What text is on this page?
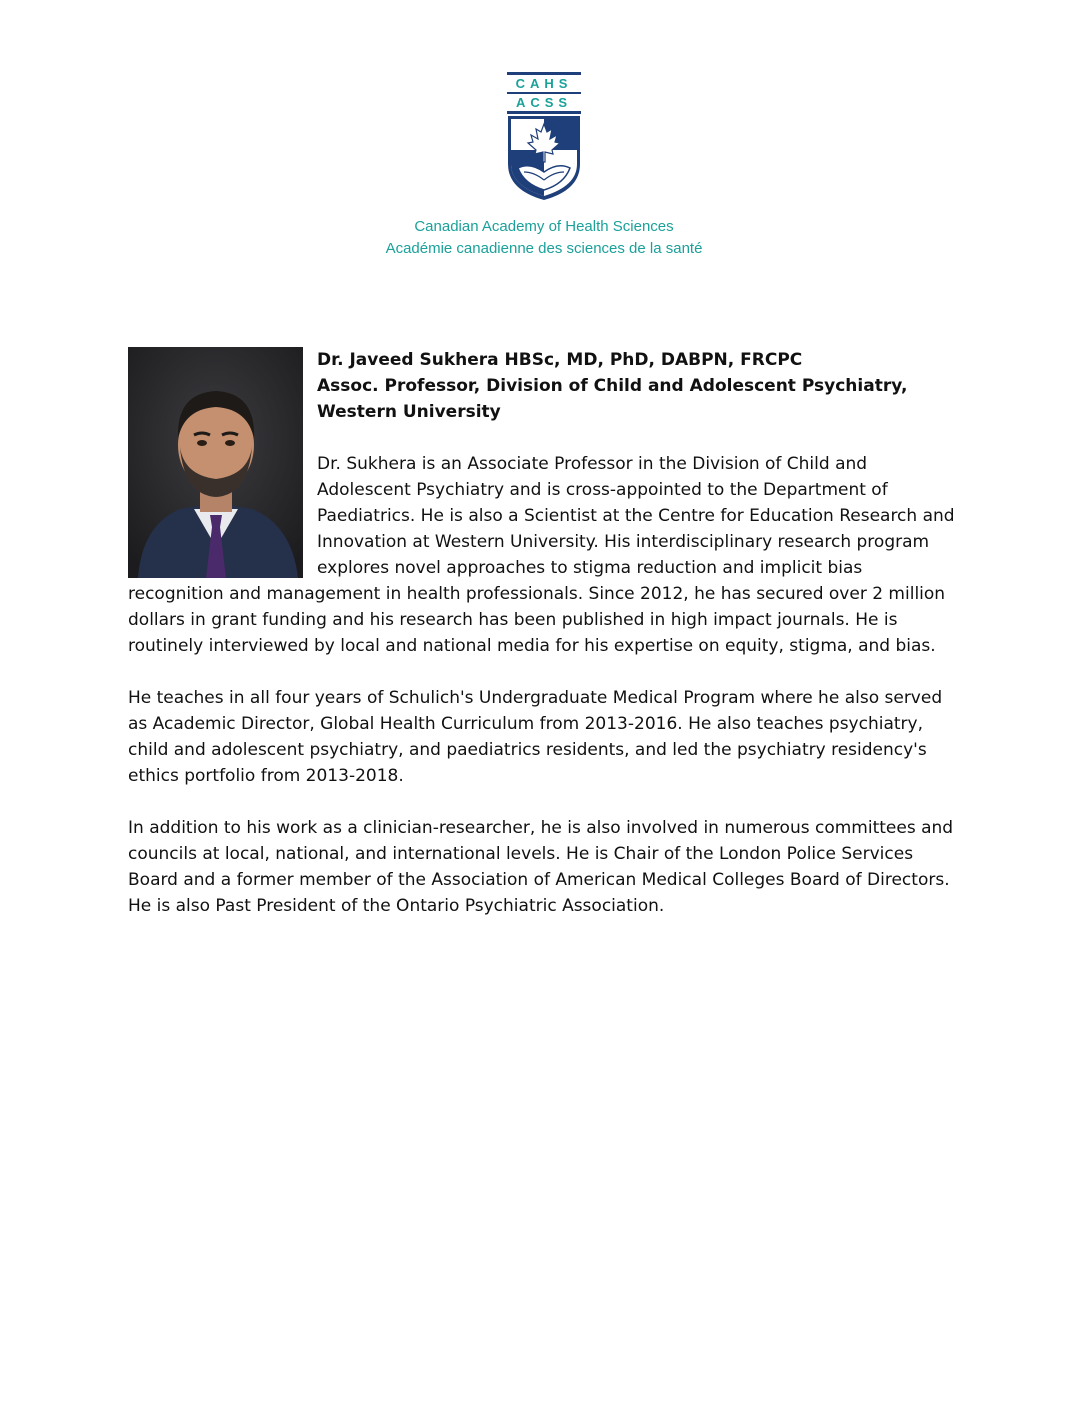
CAHS
ACSS
Canadian Academy of Health Sciences
Académie canadienne des sciences de la santé

Dr. Javeed Sukhera HBSc, MD, PhD, DABPN, FRCPC

Assoc. Professor, Division of Child and Adolescent Psychiatry, Western University

Dr. Sukhera is an Associate Professor in the Division of Child and Adolescent Psychiatry and is cross-appointed to the Department of Paediatrics. He is also a Scientist at the Centre for Education Research and Innovation at Western University. His interdisciplinary research program explores novel approaches to stigma reduction and implicit bias recognition and management in health professionals. Since 2012, he has secured over 2 million dollars in grant funding and his research has been published in high impact journals. He is routinely interviewed by local and national media for his expertise on equity, stigma, and bias.

He teaches in all four years of Schulich's Undergraduate Medical Program where he also served as Academic Director, Global Health Curriculum from 2013-2016. He also teaches psychiatry, child and adolescent psychiatry, and paediatrics residents, and led the psychiatry residency's ethics portfolio from 2013-2018.

In addition to his work as a clinician-researcher, he is also involved in numerous committees and councils at local, national, and international levels. He is Chair of the London Police Services Board and a former member of the Association of American Medical Colleges Board of Directors. He is also Past President of the Ontario Psychiatric Association.
